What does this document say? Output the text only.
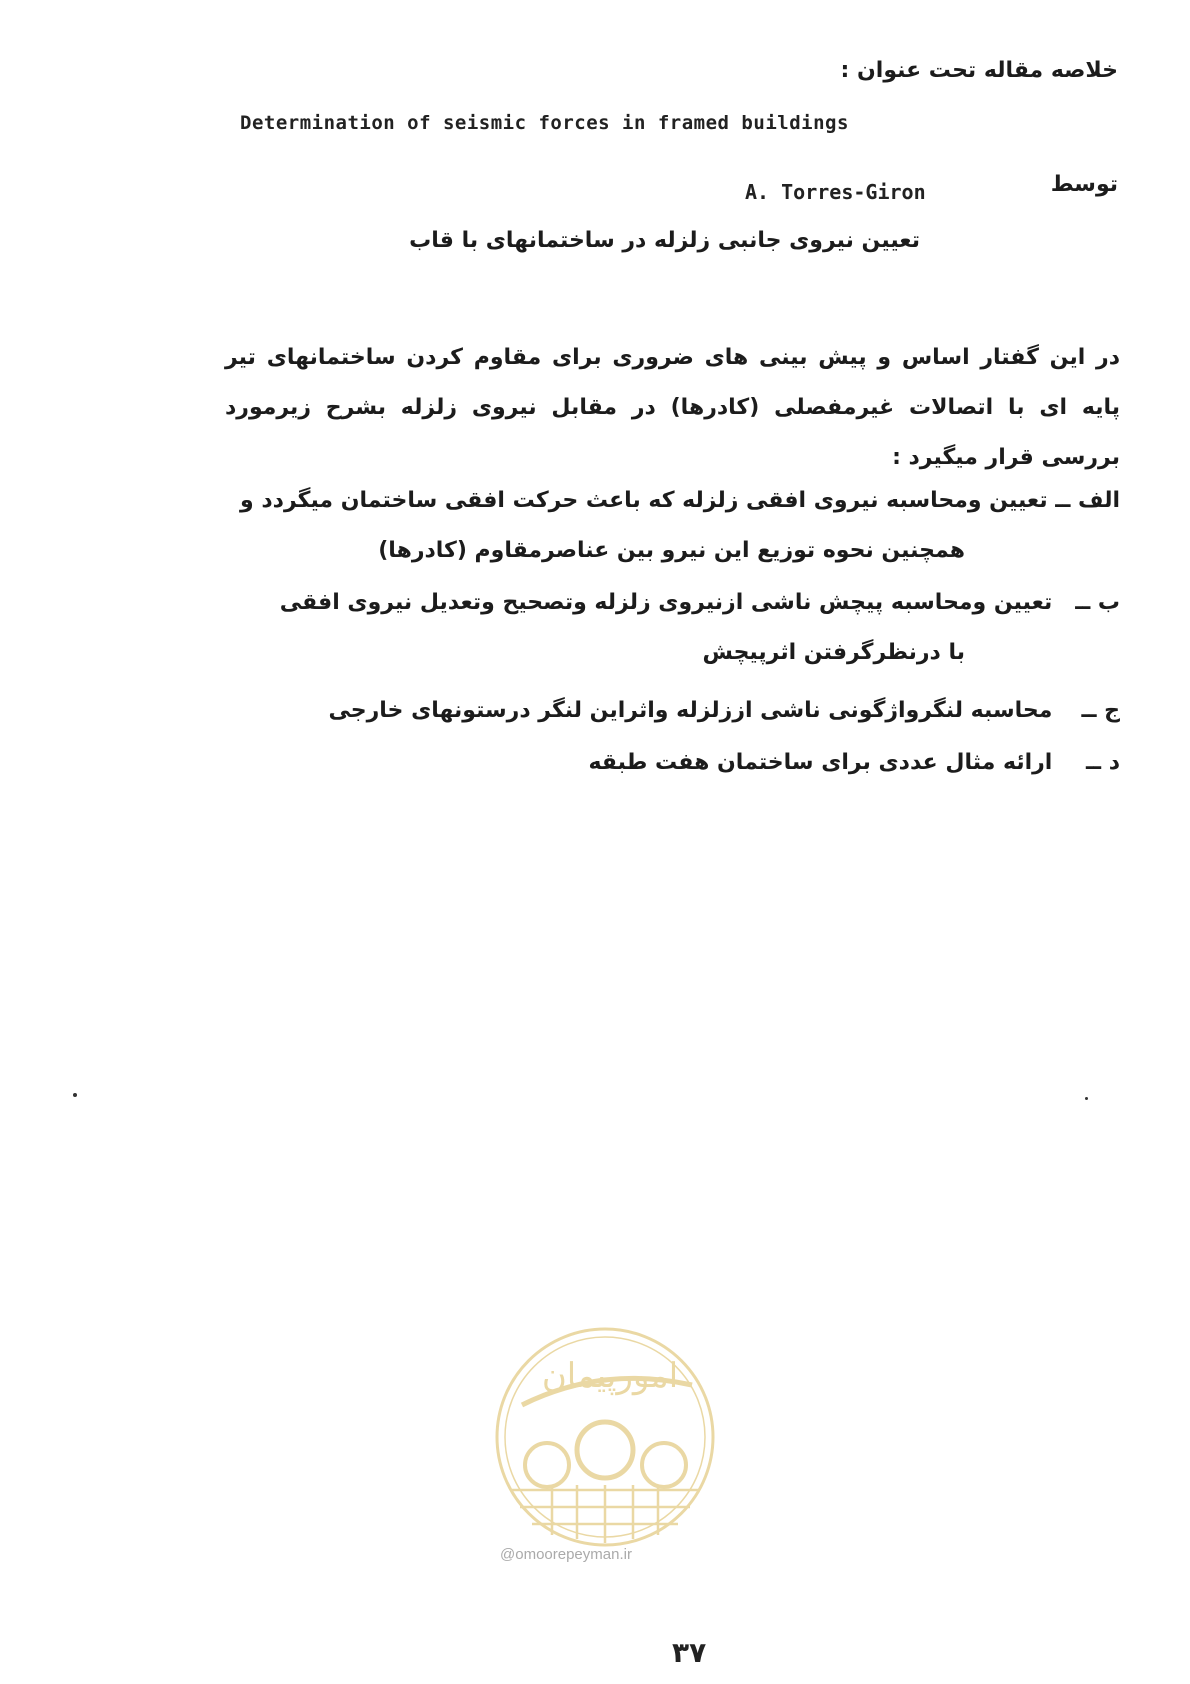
خلاصه مقاله تحت عنوان :
Determination of seismic forces in framed buildings
توسط
A. Torres-Giron
تعیین نیروی جانبی زلزله در ساختمانهای با قاب
در این گفتار اساس و پیش بینی های ضروری برای مقاوم کردن ساختمانهای تیر پایه ای با اتصالات غیرمفصلی (کادرها) در مقابل نیروی زلزله بشرح زیرمورد بررسی قرار میگیرد :
الف ــ تعیین ومحاسبه نیروی افقی زلزله که باعث حرکت افقی ساختمان میگردد و
همچنین نحوه توزیع این نیرو بین عناصرمقاوم (کادرها)
ب ــ تعیین ومحاسبه پیچش ناشی ازنیروی زلزله وتصحیح وتعدیل نیروی افقی
با درنظرگرفتن اثرپیچش
ج ــ محاسبه لنگرواژگونی ناشی اززلزله واثراین لنگر درستونهای خارجی
د ــ ارائه مثال عددی برای ساختمان هفت طبقه
امورپیمان
@omoorepeyman.ir
۳۷
